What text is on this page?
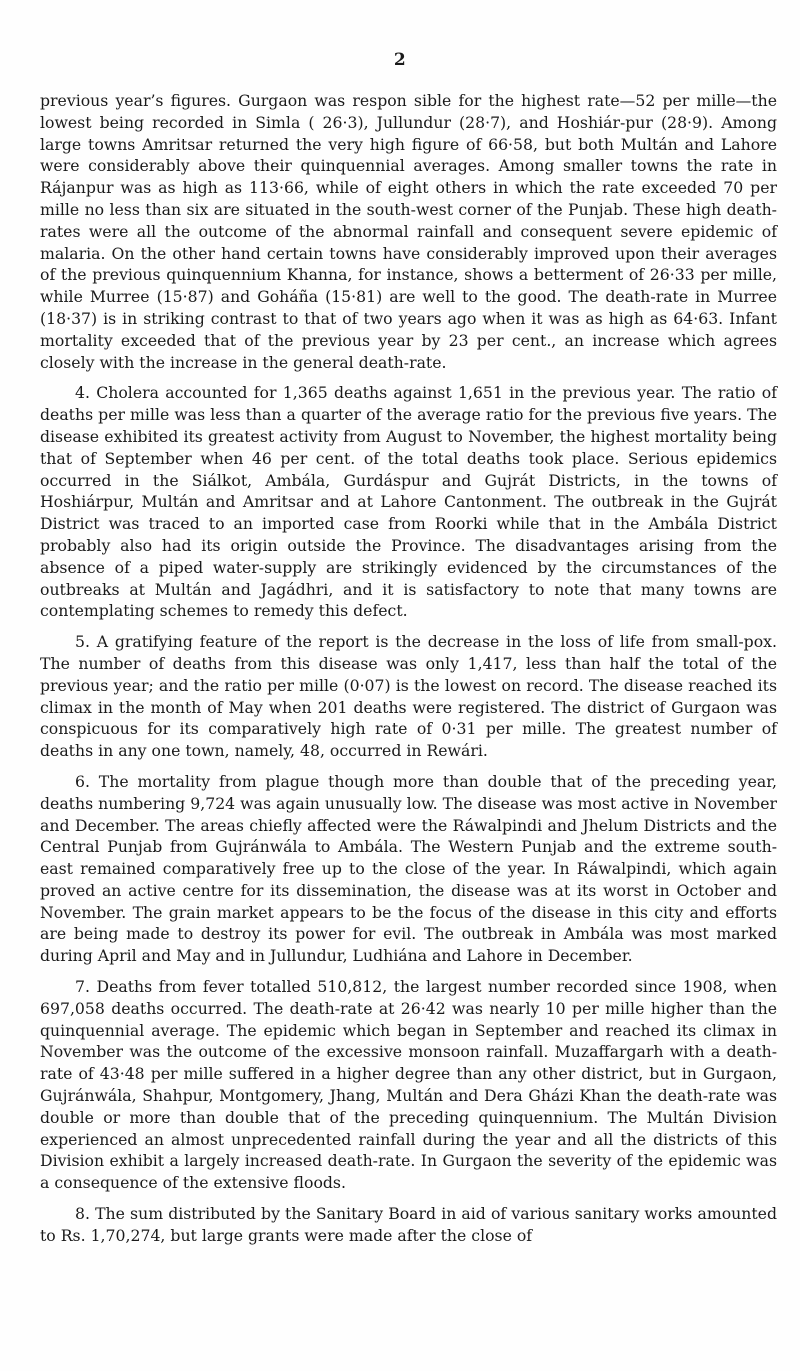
2

previous year’s figures. Gurgaon was respon sible for the highest rate—52 per mille—the lowest being recorded in Simla ( 26·3), Jullundur (28·7), and Hoshiár-pur (28·9). Among large towns Amritsar returned the very high figure of 66·58, but both Multán and Lahore were considerably above their quinquennial averages. Among smaller towns the rate in Rájanpur was as high as 113·66, while of eight others in which the rate exceeded 70 per mille no less than six are situated in the south-west corner of the Punjab. These high death-rates were all the outcome of the abnormal rainfall and consequent severe epidemic of malaria. On the other hand certain towns have considerably improved upon their averages of the previous quinquennium Khanna, for instance, shows a betterment of 26·33 per mille, while Murree (15·87) and Goháña (15·81) are well to the good. The death-rate in Murree (18·37) is in striking contrast to that of two years ago when it was as high as 64·63. Infant mortality exceeded that of the previous year by 23 per cent., an increase which agrees closely with the increase in the general death-rate.

4. Cholera accounted for 1,365 deaths against 1,651 in the previous year. The ratio of deaths per mille was less than a quarter of the average ratio for the previous five years. The disease exhibited its greatest activity from August to November, the highest mortality being that of September when 46 per cent. of the total deaths took place. Serious epidemics occurred in the Siálkot, Ambála, Gurdáspur and Gujrát Districts, in the towns of Hoshiárpur, Multán and Amritsar and at Lahore Cantonment. The outbreak in the Gujrát District was traced to an imported case from Roorki while that in the Ambála District probably also had its origin outside the Province. The disadvantages arising from the absence of a piped water-supply are strikingly evidenced by the circumstances of the outbreaks at Multán and Jagádhri, and it is satisfactory to note that many towns are contemplating schemes to remedy this defect.

5. A gratifying feature of the report is the decrease in the loss of life from small-pox. The number of deaths from this disease was only 1,417, less than half the total of the previous year; and the ratio per mille (0·07) is the lowest on record. The disease reached its climax in the month of May when 201 deaths were registered. The district of Gurgaon was conspicuous for its comparatively high rate of 0·31 per mille. The greatest number of deaths in any one town, namely, 48, occurred in Rewári.

6. The mortality from plague though more than double that of the preceding year, deaths numbering 9,724 was again unusually low. The disease was most active in November and December. The areas chiefly affected were the Ráwalpindi and Jhelum Districts and the Central Punjab from Gujránwála to Ambála. The Western Punjab and the extreme south-east remained comparatively free up to the close of the year. In Ráwalpindi, which again proved an active centre for its dissemination, the disease was at its worst in October and November. The grain market appears to be the focus of the disease in this city and efforts are being made to destroy its power for evil. The outbreak in Ambála was most marked during April and May and in Jullundur, Ludhiána and Lahore in December.

7. Deaths from fever totalled 510,812, the largest number recorded since 1908, when 697,058 deaths occurred. The death-rate at 26·42 was nearly 10 per mille higher than the quinquennial average. The epidemic which began in September and reached its climax in November was the outcome of the excessive monsoon rainfall. Muzaffargarh with a death-rate of 43·48 per mille suffered in a higher degree than any other district, but in Gurgaon, Gujránwála, Shahpur, Montgomery, Jhang, Multán and Dera Gházi Khan the death-rate was double or more than double that of the preceding quinquennium. The Multán Division experienced an almost unprecedented rainfall during the year and all the districts of this Division exhibit a largely increased death-rate. In Gurgaon the severity of the epidemic was a consequence of the extensive floods.

8. The sum distributed by the Sanitary Board in aid of various sanitary works amounted to Rs. 1,70,274, but large grants were made after the close of
